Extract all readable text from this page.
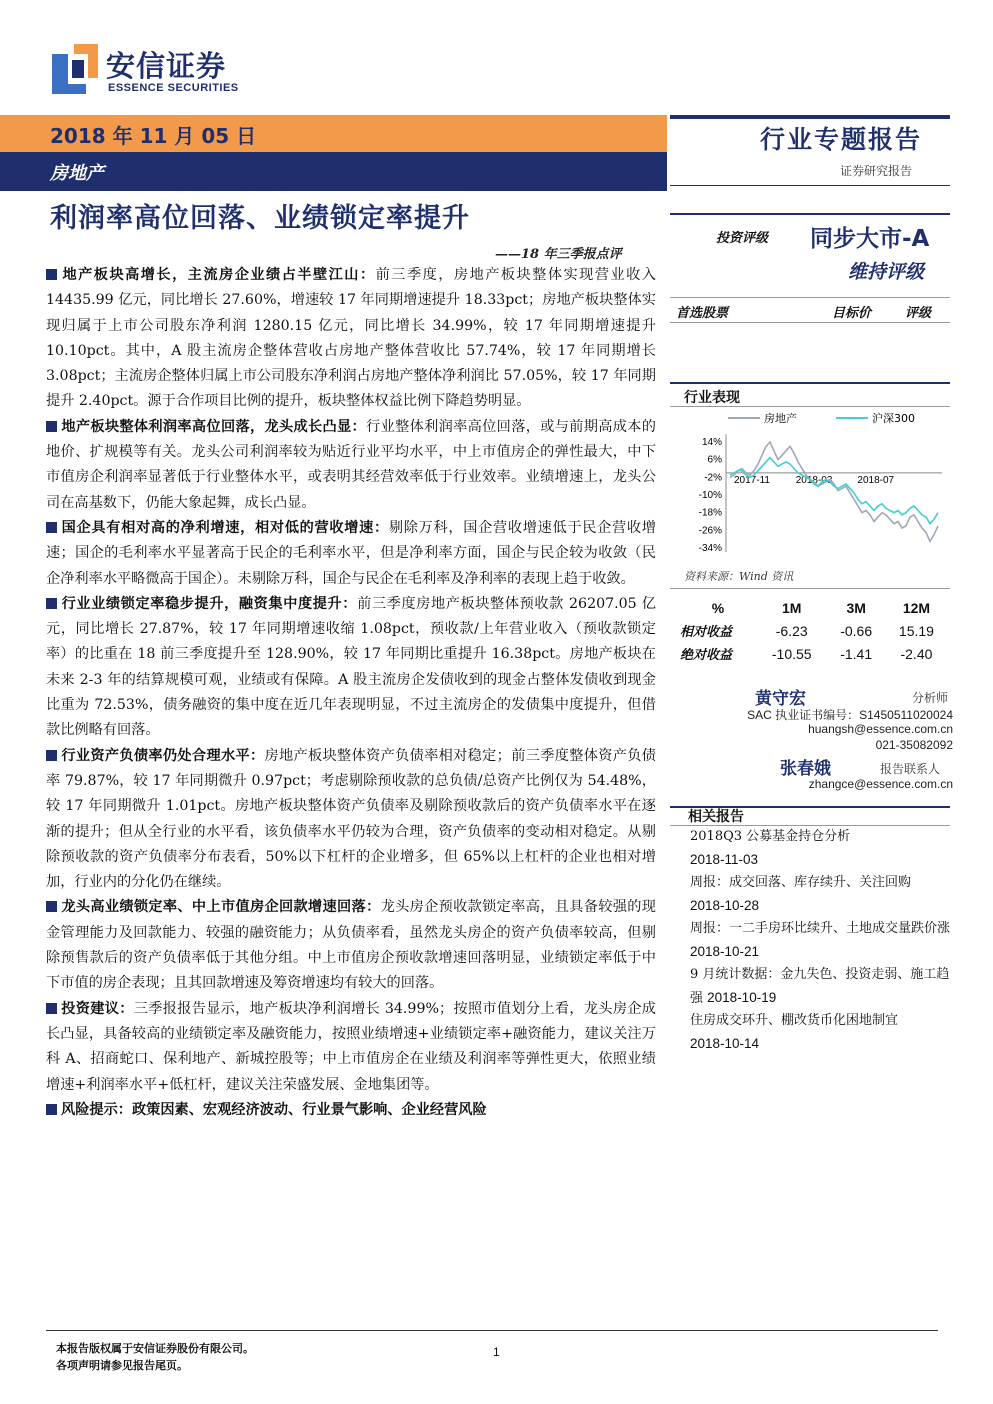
安信证券
ESSENCE SECURITIES
2018 年 11 月 05 日
房地产
行业专题报告
证券研究报告
利润率高位回落、业绩锁定率提升
——18 年三季报点评

地产板块高增长，主流房企业绩占半壁江山：前三季度，房地产板块整体实现营业收入 14435.99 亿元，同比增长 27.60%，增速较 17 年同期增速提升 18.33pct；房地产板块整体实现归属于上市公司股东净利润 1280.15 亿元，同比增长 34.99%，较 17 年同期增速提升 10.10pct。其中，A 股主流房企整体营收占房地产整体营收比 57.74%，较 17 年同期增长 3.08pct；主流房企整体归属上市公司股东净利润占房地产整体净利润比 57.05%，较 17 年同期提升 2.40pct。源于合作项目比例的提升，板块整体权益比例下降趋势明显。

地产板块整体利润率高位回落，龙头成长凸显：行业整体利润率高位回落，或与前期高成本的地价、扩规模等有关。龙头公司利润率较为贴近行业平均水平，中上市值房企的弹性最大，中下市值房企利润率显著低于行业整体水平，或表明其经营效率低于行业效率。业绩增速上，龙头公司在高基数下，仍能大象起舞，成长凸显。

国企具有相对高的净利增速，相对低的营收增速：剔除万科，国企营收增速低于民企营收增速；国企的毛利率水平显著高于民企的毛利率水平，但是净利率方面，国企与民企较为收敛（民企净利率水平略微高于国企）。未剔除万科，国企与民企在毛利率及净利率的表现上趋于收敛。

行业业绩锁定率稳步提升，融资集中度提升：前三季度房地产板块整体预收款 26207.05 亿元，同比增长 27.87%，较 17 年同期增速收缩 1.08pct，预收款/上年营业收入（预收款锁定率）的比重在 18 前三季度提升至 128.90%，较 17 年同期比重提升 16.38pct。房地产板块在未来 2-3 年的结算规模可观，业绩或有保障。A 股主流房企发债收到的现金占整体发债收到现金比重为 72.53%，债务融资的集中度在近几年表现明显，不过主流房企的发债集中度提升，但借款比例略有回落。

行业资产负债率仍处合理水平：房地产板块整体资产负债率相对稳定；前三季度整体资产负债率 79.87%，较 17 年同期微升 0.97pct；考虑剔除预收款的总负债/总资产比例仅为 54.48%，较 17 年同期微升 1.01pct。房地产板块整体资产负债率及剔除预收款后的资产负债率水平在逐渐的提升；但从全行业的水平看，该负债率水平仍较为合理，资产负债率的变动相对稳定。从剔除预收款的资产负债率分布表看，50%以下杠杆的企业增多，但 65%以上杠杆的企业也相对增加，行业内的分化仍在继续。

龙头高业绩锁定率、中上市值房企回款增速回落：龙头房企预收款锁定率高，且具备较强的现金管理能力及回款能力、较强的融资能力；从负债率看，虽然龙头房企的资产负债率较高，但剔除预售款后的资产负债率低于其他分组。中上市值房企预收款增速回落明显，业绩锁定率低于中下市值的房企表现；且其回款增速及筹资增速均有较大的回落。

投资建议：三季报报告显示，地产板块净利润增长 34.99%；按照市值划分上看，龙头房企成长凸显，具备较高的业绩锁定率及融资能力，按照业绩增速+业绩锁定率+融资能力，建议关注万科 A、招商蛇口、保利地产、新城控股等；中上市值房企在业绩及利润率等弹性更大，依照业绩增速+利润率水平+低杠杆，建议关注荣盛发展、金地集团等。

风险提示：政策因素、宏观经济波动、行业景气影响、企业经营风险

投资评级 同步大市-A
维持评级
首选股票	目标价	评级
行业表现
房地产	沪深300
14%
6%
-2%
-10%
-18%
-26%
-34%
2017-11	2018-03	2018-07
资料来源：Wind 资讯
%	1M	3M	12M
相对收益	-6.23	-0.66	15.19
绝对收益	-10.55	-1.41	-2.40
黄守宏	分析师
SAC 执业证书编号：S1450511020024
huangsh@essence.com.cn
021-35082092
张春娥	报告联系人
zhangce@essence.com.cn
相关报告

2018Q3 公募基金持仓分析
2018-11-03

周报：成交回落、库存续升、关注回购
2018-10-28

周报：一二手房环比续升、土地成交量跌价涨 2018-10-21

9 月统计数据：金九失色、投资走弱、施工趋强 2018-10-19

住房成交环升、棚改货币化困地制宜
2018-10-14

本报告版权属于安信证券股份有限公司。
各项声明请参见报告尾页。
1
